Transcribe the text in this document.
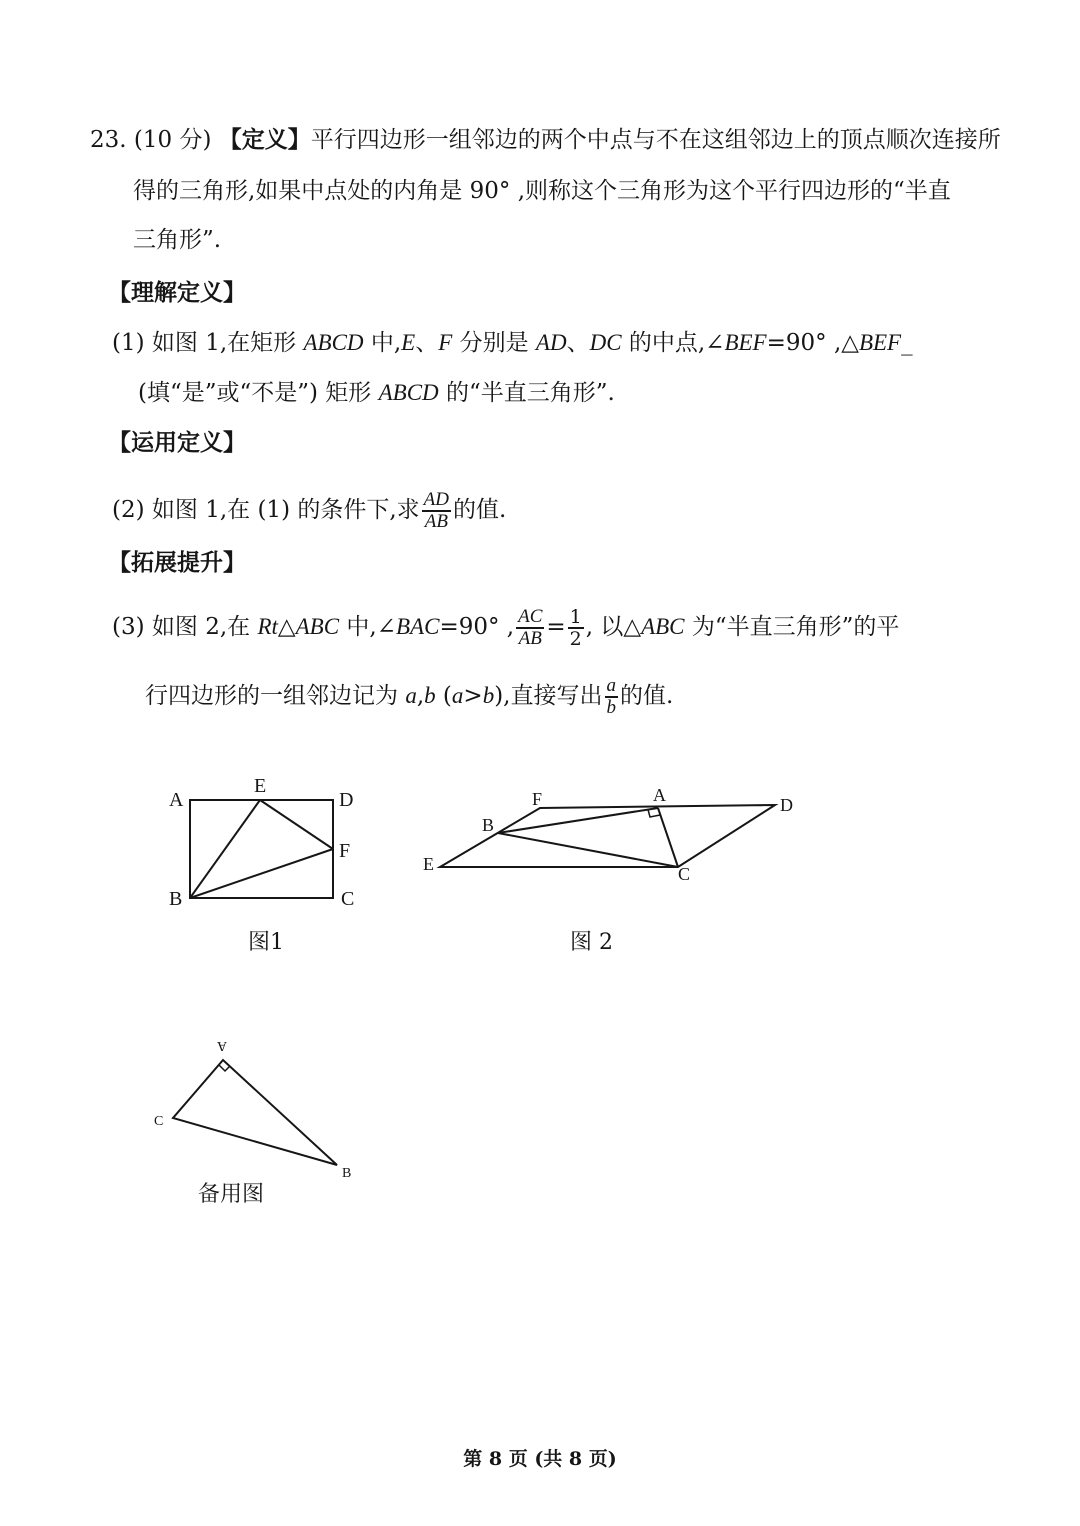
23. (10 分) 【定义】平行四边形一组邻边的两个中点与不在这组邻边上的顶点顺次连接所
得的三角形,如果中点处的内角是 90° ,则称这个三角形为这个平行四边形的“半直
三角形”.
【理解定义】
(1) 如图 1,在矩形 ABCD 中,E、F 分别是 AD、DC 的中点,∠BEF=90° ,△BEF_
(填“是”或“不是”) 矩形 ABCD 的“半直三角形”.
【运用定义】
(2) 如图 1,在 (1) 的条件下,求 $\frac{AD}{AB}$ 的值.
【拓展提升】
(3) 如图 2,在 Rt△ABC 中,∠BAC=90° , $\frac{AC}{AB} = \frac{1}{2}$ , 以△ABC 为“半直三角形”的平
行四边形的一组邻边记为 a,b (a>b),直接写出 $\frac{a}{b}$ 的值.
A
E
D
F
B	C
图1
F	A	D
B
E	C
图 2
A
C
B
备用图
第 8 页 (共 8 页)
